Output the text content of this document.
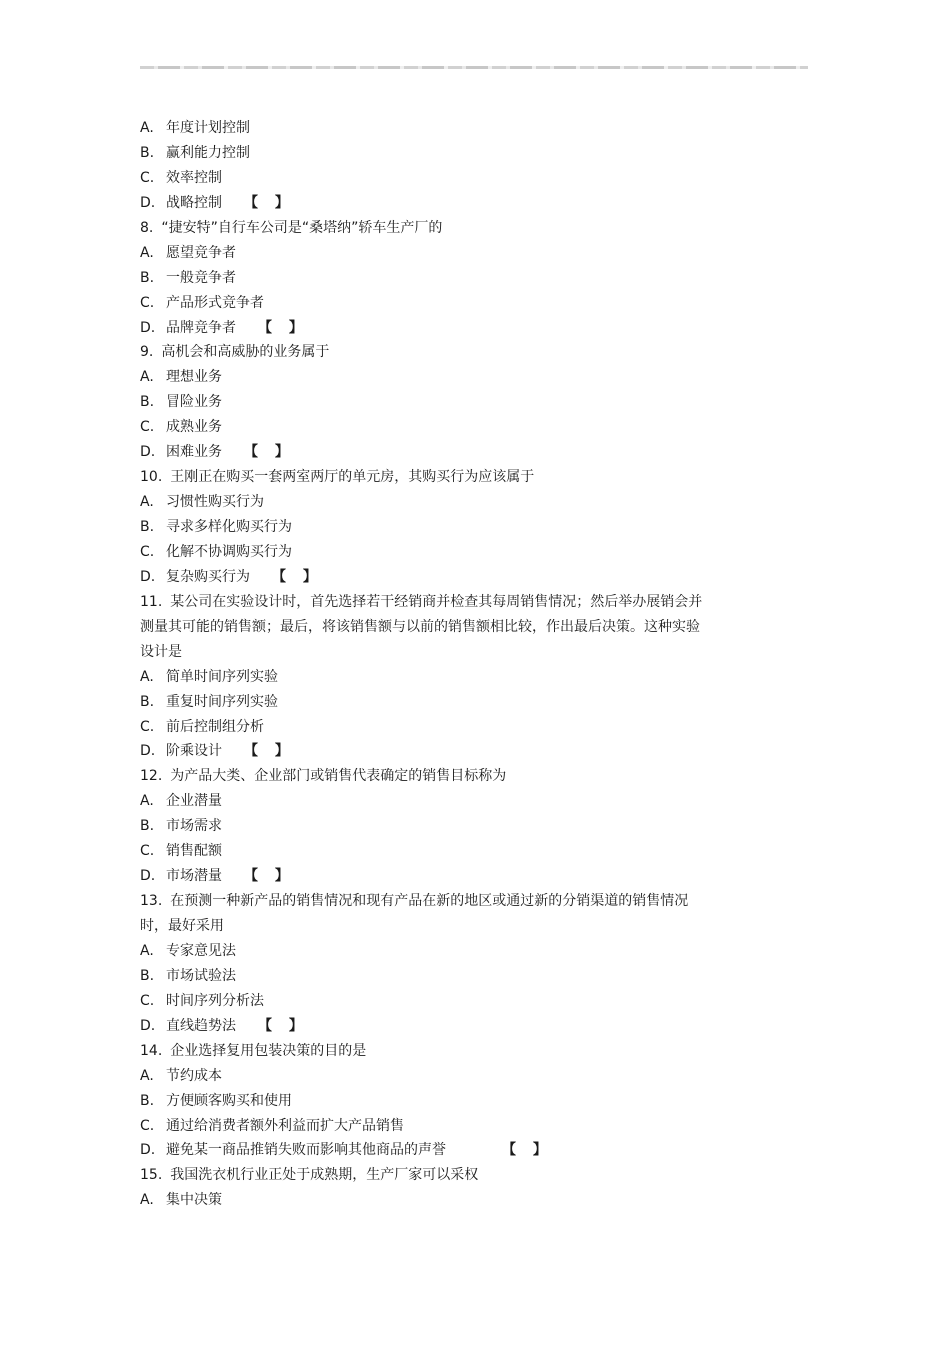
A. 年度计划控制
B. 赢利能力控制
C. 效率控制
D. 战略控制 【 】
8. “捷安特”自行车公司是“桑塔纳”轿车生产厂的
A. 愿望竞争者
B. 一般竞争者
C. 产品形式竞争者
D. 品牌竞争者 【 】
9. 高机会和高威胁的业务属于
A. 理想业务
B. 冒险业务
C. 成熟业务
D. 困难业务 【 】
10. 王刚正在购买一套两室两厅的单元房，其购买行为应该属于
A. 习惯性购买行为
B. 寻求多样化购买行为
C. 化解不协调购买行为
D. 复杂购买行为 【 】
11. 某公司在实验设计时，首先选择若干经销商并检查其每周销售情况；然后举办展销会并
测量其可能的销售额；最后，将该销售额与以前的销售额相比较，作出最后决策。这种实验
设计是
A. 简单时间序列实验
B. 重复时间序列实验
C. 前后控制组分析
D. 阶乘设计 【 】
12. 为产品大类、企业部门或销售代表确定的销售目标称为
A. 企业潜量
B. 市场需求
C. 销售配额
D. 市场潜量 【 】
13. 在预测一种新产品的销售情况和现有产品在新的地区或通过新的分销渠道的销售情况
时，最好采用
A. 专家意见法
B. 市场试验法
C. 时间序列分析法
D. 直线趋势法 【 】
14. 企业选择复用包装决策的目的是
A. 节约成本
B. 方便顾客购买和使用
C. 通过给消费者额外利益而扩大产品销售
D. 避免某一商品推销失败而影响其他商品的声誉	【 】
15. 我国洗衣机行业正处于成熟期，生产厂家可以采权
A. 集中决策
